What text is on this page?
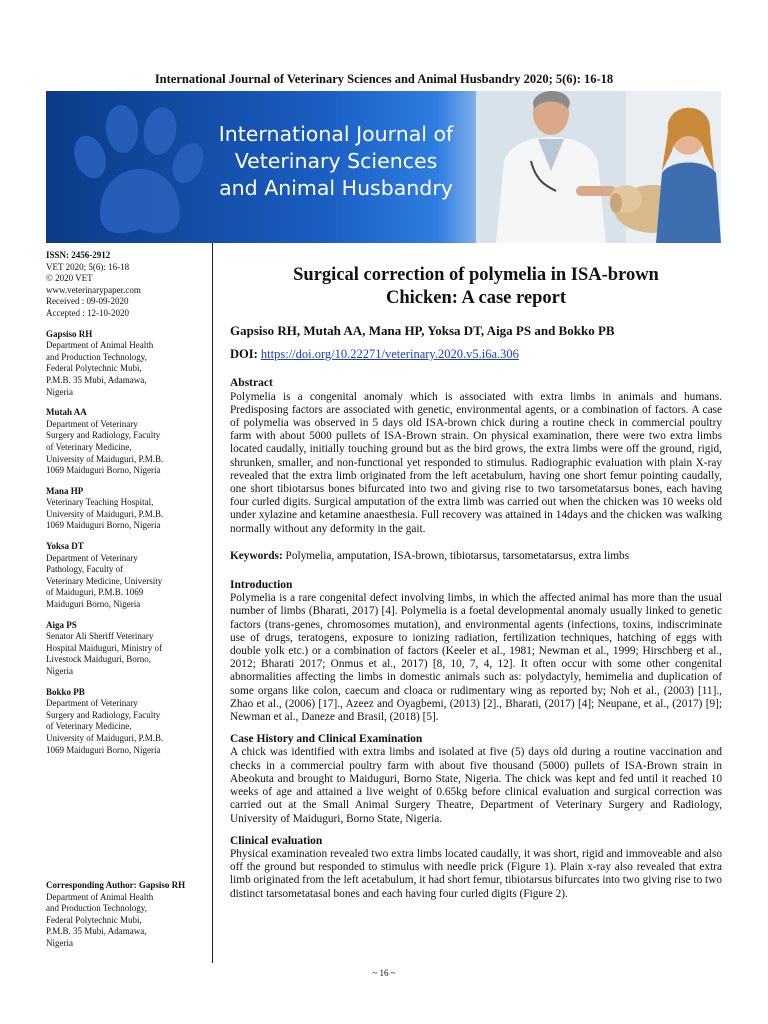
International Journal of Veterinary Sciences and Animal Husbandry 2020; 5(6): 16-18
International Journal of
Veterinary Sciences
and Animal Husbandry
ISSN: 2456-2912
VET 2020; 5(6): 16-18
© 2020 VET
www.veterinarypaper.com
Received : 09-09-2020
Accepted : 12-10-2020
Gapsiso RH
Department of Animal Health
and Production Technology,
Federal Polytechnic Mubi,
P.M.B. 35 Mubi, Adamawa,
Nigeria
Mutah AA
Department of Veterinary
Surgery and Radiology, Faculty
of Veterinary Medicine,
University of Maiduguri, P.M.B.
1069 Maiduguri Borno, Nigeria
Mana HP
Veterinary Teaching Hospital,
University of Maiduguri, P.M.B.
1069 Maiduguri Borno, Nigeria
Yoksa DT
Department of Veterinary
Pathology, Faculty of
Veterinary Medicine, University
of Maiduguri, P.M.B. 1069
Maiduguri Borno, Nigeria
Aiga PS
Senator Ali Sheriff Veterinary
Hospital Maiduguri, Ministry of
Livestock Maiduguri, Borno,
Nigeria
Bokko PB
Department of Veterinary
Surgery and Radiology, Faculty
of Veterinary Medicine,
University of Maiduguri, P.M.B.
1069 Maiduguri Borno, Nigeria
Corresponding Author: Gapsiso RH
Department of Animal Health
and Production Technology,
Federal Polytechnic Mubi,
P.M.B. 35 Mubi, Adamawa,
Nigeria
Surgical correction of polymelia in ISA-brown
Chicken: A case report
Gapsiso RH, Mutah AA, Mana HP, Yoksa DT, Aiga PS and Bokko PB
DOI: https://doi.org/10.22271/veterinary.2020.v5.i6a.306
Abstract

Polymelia is a congenital anomaly which is associated with extra limbs in animals and humans. Predisposing factors are associated with genetic, environmental agents, or a combination of factors. A case of polymelia was observed in 5 days old ISA-brown chick during a routine check in commercial poultry farm with about 5000 pullets of ISA-Brown strain. On physical examination, there were two extra limbs located caudally, initially touching ground but as the bird grows, the extra limbs were off the ground, rigid, shrunken, smaller, and non-functional yet responded to stimulus. Radiographic evaluation with plain X-ray revealed that the extra limb originated from the left acetabulum, having one short femur pointing caudally, one short tibiotarsus bones bifurcated into two and giving rise to two tarsometatarsus bones, each having four curled digits. Surgical amputation of the extra limb was carried out when the chicken was 10 weeks old under xylazine and ketamine anaesthesia. Full recovery was attained in 14days and the chicken was walking normally without any deformity in the gait.

Keywords: Polymelia, amputation, ISA-brown, tibiotarsus, tarsometatarsus, extra limbs
Introduction

Polymelia is a rare congenital defect involving limbs, in which the affected animal has more than the usual number of limbs (Bharati, 2017) [4]. Polymelia is a foetal developmental anomaly usually linked to genetic factors (trans-genes, chromosomes mutation), and environmental agents (infections, toxins, indiscriminate use of drugs, teratogens, exposure to ionizing radiation, fertilization techniques, hatching of eggs with double yolk etc.) or a combination of factors (Keeler et al., 1981; Newman et al., 1999; Hirschberg et al., 2012; Bharati 2017; Onmus et al., 2017) [8, 10, 7, 4, 12]. It often occur with some other congenital abnormalities affecting the limbs in domestic animals such as: polydactyly, hemimelia and duplication of some organs like colon, caecum and cloaca or rudimentary wing as reported by; Noh et al., (2003) [11]., Zhao et al., (2006) [17]., Azeez and Oyagbemi, (2013) [2]., Bharati, (2017) [4]; Neupane, et al., (2017) [9]; Newman et al., Daneze and Brasil, (2018) [5].

Case History and Clinical Examination

A chick was identified with extra limbs and isolated at five (5) days old during a routine vaccination and checks in a commercial poultry farm with about five thousand (5000) pullets of ISA-Brown strain in Abeokuta and brought to Maiduguri, Borno State, Nigeria. The chick was kept and fed until it reached 10 weeks of age and attained a live weight of 0.65kg before clinical evaluation and surgical correction was carried out at the Small Animal Surgery Theatre, Department of Veterinary Surgery and Radiology, University of Maiduguri, Borno State, Nigeria.

Clinical evaluation

Physical examination revealed two extra limbs located caudally, it was short, rigid and immoveable and also off the ground but responded to stimulus with needle prick (Figure 1). Plain x-ray also revealed that extra limb originated from the left acetabulum, it had short femur, tibiotarsus bifurcates into two giving rise to two distinct tarsometatasal bones and each having four curled digits (Figure 2).

~ 16 ~
